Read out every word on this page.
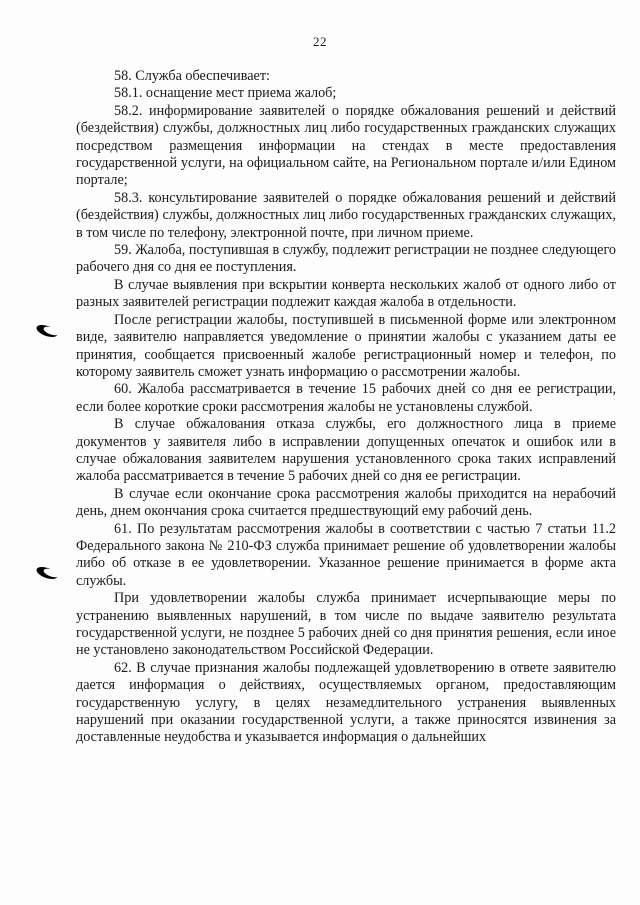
22

58. Служба обеспечивает:

58.1. оснащение мест приема жалоб;

58.2. информирование заявителей о порядке обжалования решений и действий (бездействия) службы, должностных лиц либо государственных гражданских служащих посредством размещения информации на стендах в месте предоставления государственной услуги, на официальном сайте, на Региональном портале и/или Едином портале;

58.3. консультирование заявителей о порядке обжалования решений и действий (бездействия) службы, должностных лиц либо государственных гражданских служащих, в том числе по телефону, электронной почте, при личном приеме.

59. Жалоба, поступившая в службу, подлежит регистрации не позднее следующего рабочего дня со дня ее поступления.

В случае выявления при вскрытии конверта нескольких жалоб от одного либо от разных заявителей регистрации подлежит каждая жалоба в отдельности.

После регистрации жалобы, поступившей в письменной форме или электронном виде, заявителю направляется уведомление о принятии жалобы с указанием даты ее принятия, сообщается присвоенный жалобе регистрационный номер и телефон, по которому заявитель сможет узнать информацию о рассмотрении жалобы.

60. Жалоба рассматривается в течение 15 рабочих дней со дня ее регистрации, если более короткие сроки рассмотрения жалобы не установлены службой.

В случае обжалования отказа службы, его должностного лица в приеме документов у заявителя либо в исправлении допущенных опечаток и ошибок или в случае обжалования заявителем нарушения установленного срока таких исправлений жалоба рассматривается в течение 5 рабочих дней со дня ее регистрации.

В случае если окончание срока рассмотрения жалобы приходится на нерабочий день, днем окончания срока считается предшествующий ему рабочий день.

61. По результатам рассмотрения жалобы в соответствии с частью 7 статьи 11.2 Федерального закона № 210-ФЗ служба принимает решение об удовлетворении жалобы либо об отказе в ее удовлетворении. Указанное решение принимается в форме акта службы.

При удовлетворении жалобы служба принимает исчерпывающие меры по устранению выявленных нарушений, в том числе по выдаче заявителю результата государственной услуги, не позднее 5 рабочих дней со дня принятия решения, если иное не установлено законодательством Российской Федерации.

62. В случае признания жалобы подлежащей удовлетворению в ответе заявителю дается информация о действиях, осуществляемых органом, предоставляющим государственную услугу, в целях незамедлительного устранения выявленных нарушений при оказании государственной услуги, а также приносятся извинения за доставленные неудобства и указывается информация о дальнейших
